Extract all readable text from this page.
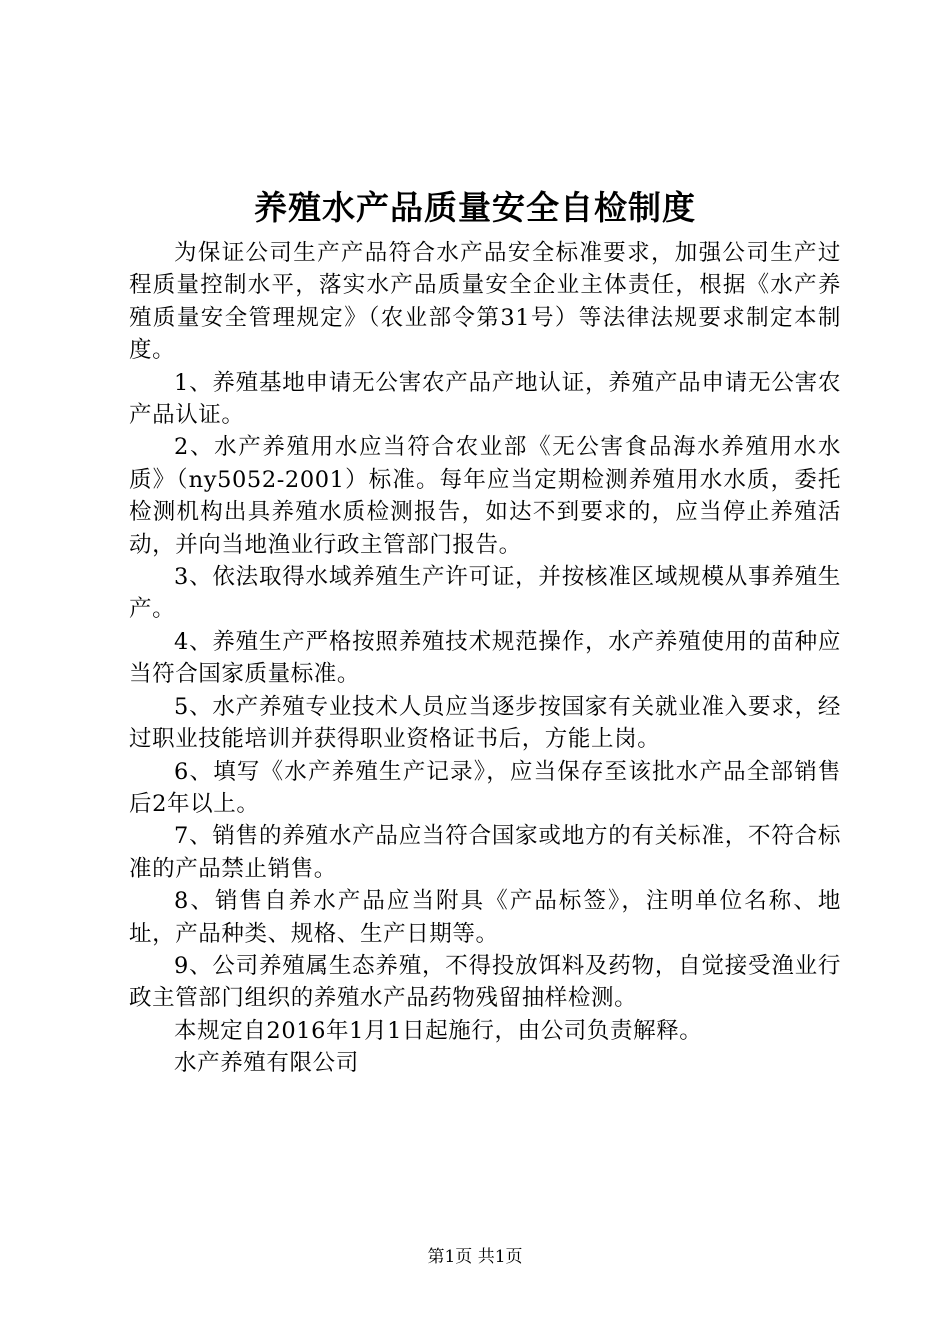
养殖水产品质量安全自检制度

为保证公司生产产品符合水产品安全标准要求，加强公司生产过程质量控制水平，落实水产品质量安全企业主体责任，根据《水产养殖质量安全管理规定》（农业部令第31号）等法律法规要求制定本制度。

1、养殖基地申请无公害农产品产地认证，养殖产品申请无公害农产品认证。

2、水产养殖用水应当符合农业部《无公害食品海水养殖用水水质》（ny5052-2001）标准。每年应当定期检测养殖用水水质，委托检测机构出具养殖水质检测报告，如达不到要求的，应当停止养殖活动，并向当地渔业行政主管部门报告。

3、依法取得水域养殖生产许可证，并按核准区域规模从事养殖生产。

4、养殖生产严格按照养殖技术规范操作，水产养殖使用的苗种应当符合国家质量标准。

5、水产养殖专业技术人员应当逐步按国家有关就业准入要求，经过职业技能培训并获得职业资格证书后，方能上岗。

6、填写《水产养殖生产记录》，应当保存至该批水产品全部销售后2年以上。

7、销售的养殖水产品应当符合国家或地方的有关标准，不符合标准的产品禁止销售。

8、销售自养水产品应当附具《产品标签》，注明单位名称、地址，产品种类、规格、生产日期等。

9、公司养殖属生态养殖，不得投放饵料及药物，自觉接受渔业行政主管部门组织的养殖水产品药物残留抽样检测。

本规定自2016年1月1日起施行，由公司负责解释。

水产养殖有限公司

第1页 共1页
